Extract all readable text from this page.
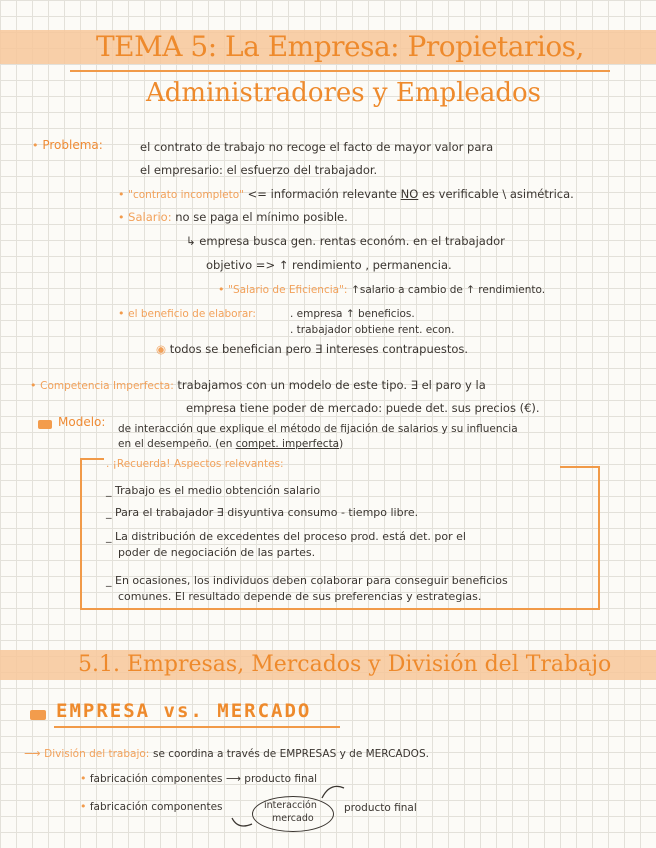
TEMA 5: La Empresa: Propietarios,
Administradores y Empleados
• Problema:	el contrato de trabajo no recoge el facto de mayor valor para
el empresario: el esfuerzo del trabajador.
• "contrato incompleto" <= información relevante NO es verificable \ asimétrica.
• Salario: no se paga el mínimo posible.
↳ empresa busca gen. rentas económ. en el trabajador
objetivo => ↑ rendimiento , permanencia.
• "Salario de Eficiencia": ↑salario a cambio de ↑ rendimiento.
• el beneficio de elaborar:	. empresa ↑ beneficios.
. trabajador obtiene rent. econ.
◉ todos se benefician pero ∃ intereses contrapuestos.
• Competencia Imperfecta: trabajamos con un modelo de este tipo. ∃ el paro y la
empresa tiene poder de mercado: puede det. sus precios (€).
Modelo: de interacción que explique el método de fijación de salarios y su influencia
en el desempeño. (en compet. imperfecta)
. ¡Recuerda! Aspectos relevantes:
_ Trabajo es el medio obtención salario
_ Para el trabajador ∃ disyuntiva consumo - tiempo libre.
_ La distribución de excedentes del proceso prod. está det. por el
poder de negociación de las partes.
_ En ocasiones, los individuos deben colaborar para conseguir beneficios
comunes. El resultado depende de sus preferencias y estrategias.
5.1. Empresas, Mercados y División del Trabajo
EMPRESA vs. MERCADO
⟶ División del trabajo: se coordina a través de EMPRESAS y de MERCADOS.
• fabricación componentes ⟶ producto final
• fabricación componentes	interacción
mercado
producto final
